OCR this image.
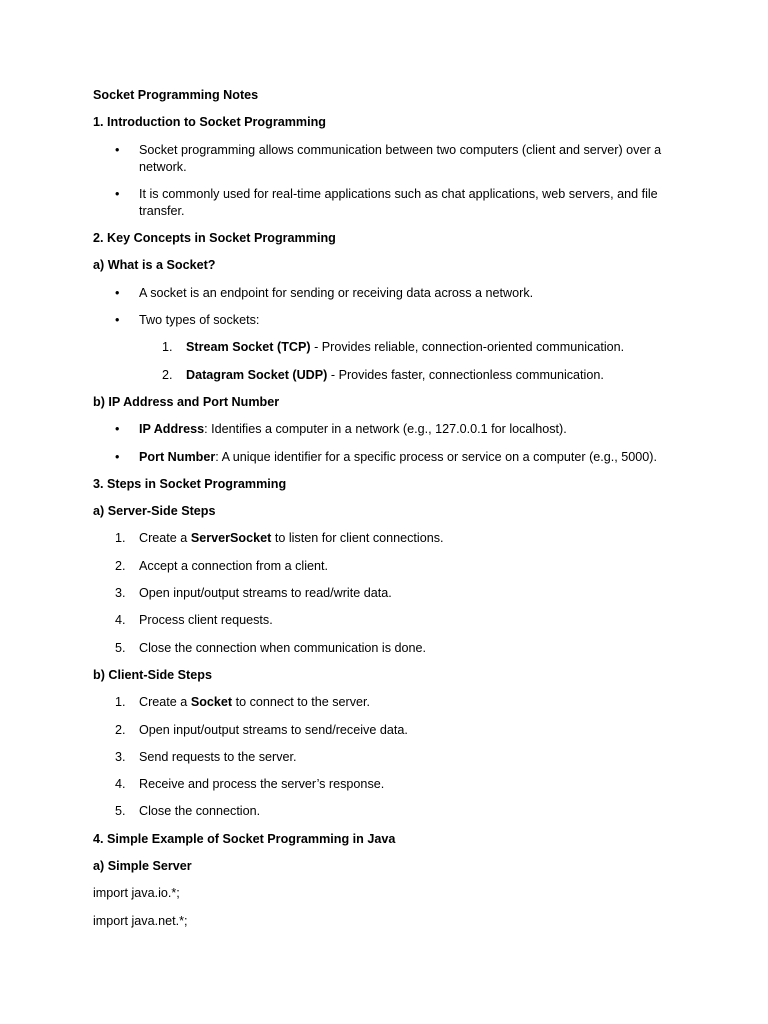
Socket Programming Notes

1. Introduction to Socket Programming

•	Socket programming allows communication between two computers (client and server) over a network.
•	It is commonly used for real-time applications such as chat applications, web servers, and file transfer.

2. Key Concepts in Socket Programming

a) What is a Socket?

•	A socket is an endpoint for sending or receiving data across a network.
•	Two types of sockets:
1.	Stream Socket (TCP) - Provides reliable, connection-oriented communication.
2.	Datagram Socket (UDP) - Provides faster, connectionless communication.

b) IP Address and Port Number

•	IP Address: Identifies a computer in a network (e.g., 127.0.0.1 for localhost).
•	Port Number: A unique identifier for a specific process or service on a computer (e.g., 5000).

3. Steps in Socket Programming

a) Server-Side Steps

1.	Create a ServerSocket to listen for client connections.
2.	Accept a connection from a client.
3.	Open input/output streams to read/write data.
4.	Process client requests.
5.	Close the connection when communication is done.

b) Client-Side Steps

1.	Create a Socket to connect to the server.
2.	Open input/output streams to send/receive data.
3.	Send requests to the server.
4.	Receive and process the server’s response.
5.	Close the connection.

4. Simple Example of Socket Programming in Java

a) Simple Server

import java.io.*;

import java.net.*;
